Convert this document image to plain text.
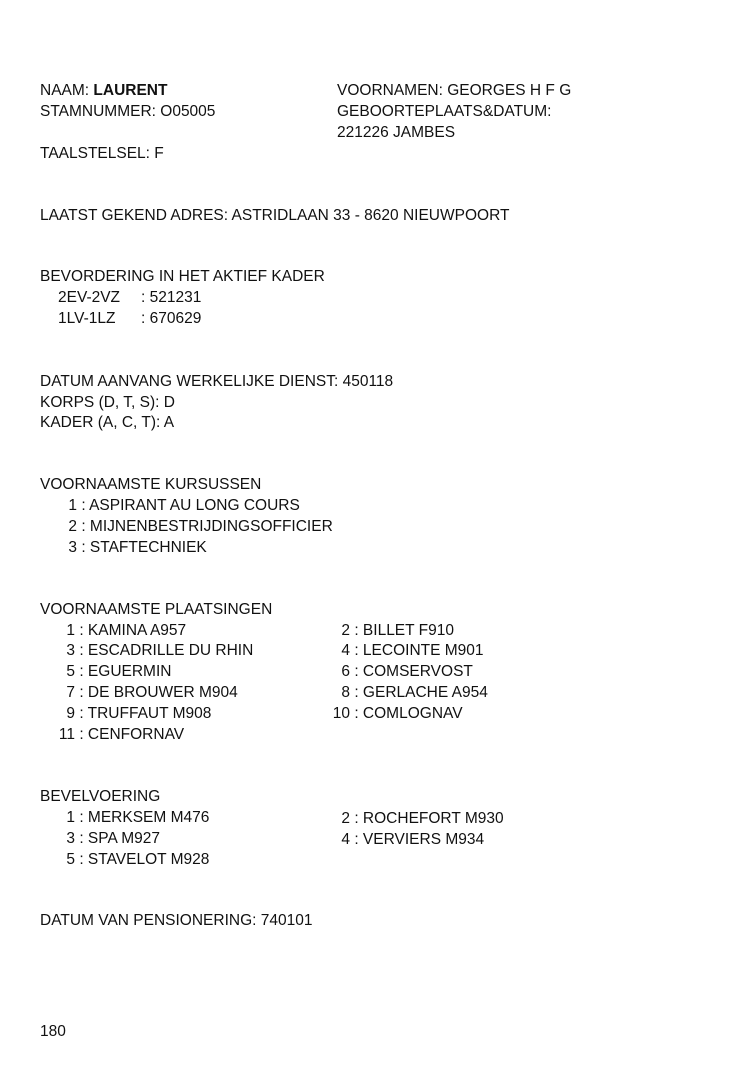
NAAM: LAURENT
STAMNUMMER: O05005
TAALSTELSEL: F
VOORNAMEN: GEORGES H F G
GEBOORTEPLAATS&DATUM:
221226 JAMBES
LAATST GEKEND ADRES: ASTRIDLAAN 33 - 8620 NIEUWPOORT
BEVORDERING IN HET AKTIEF KADER
2EV-2VZ : 521231
1LV-1LZ : 670629
DATUM AANVANG WERKELIJKE DIENST: 450118
KORPS (D, T, S): D
KADER (A, C, T): A
VOORNAAMSTE KURSUSSEN
1 : ASPIRANT AU LONG COURS
2 : MIJNENBESTRIJDINGSOFFICIER
3 : STAFTECHNIEK
VOORNAAMSTE PLAATSINGEN
1 : KAMINA A957
3 : ESCADRILLE DU RHIN
5 : EGUERMIN
7 : DE BROUWER M904
9 : TRUFFAUT M908
11 : CENFORNAV
2 : BILLET F910
4 : LECOINTE M901
6 : COMSERVOST
8 : GERLACHE A954
10 : COMLOGNAV
BEVELVOERING
1 : MERKSEM M476
3 : SPA M927
5 : STAVELOT M928
2 : ROCHEFORT M930
4 : VERVIERS M934
DATUM VAN PENSIONERING: 740101
180
